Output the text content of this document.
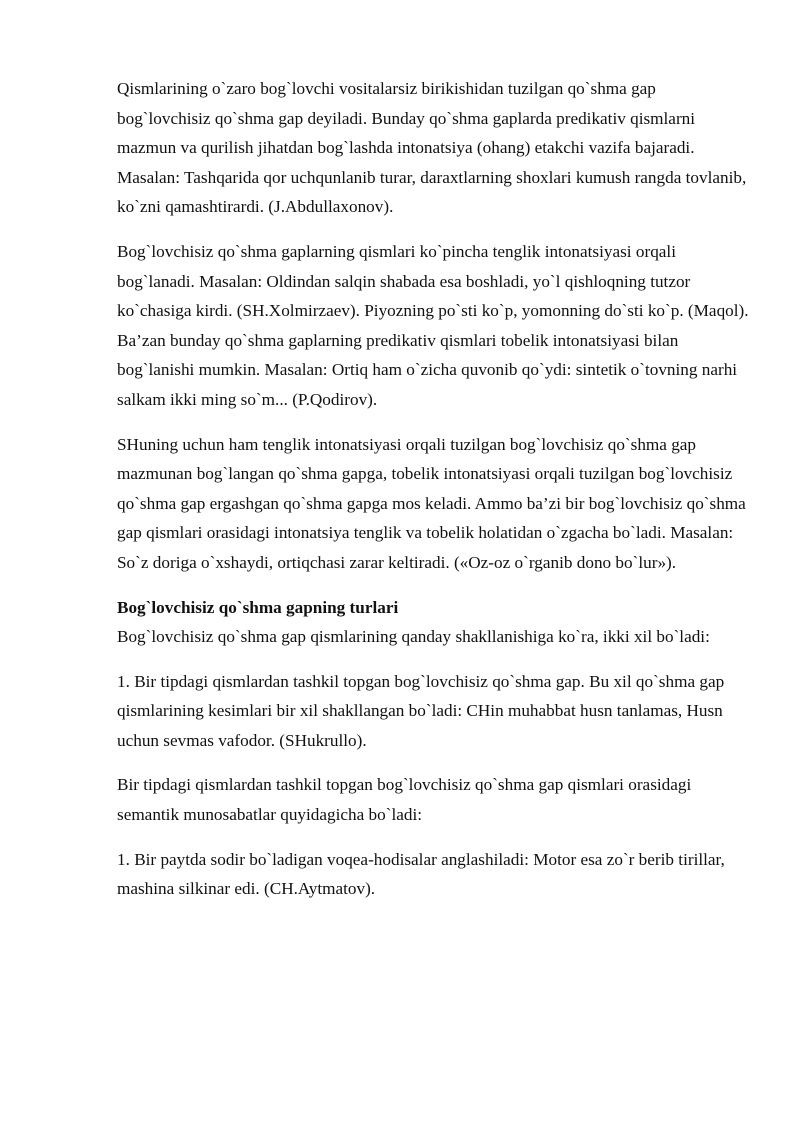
Qismlarining o`zaro bog`lovchi vositalarsiz birikishidan tuzilgan qo`shma gap bog`lovchisiz qo`shma gap deyiladi. Bunday qo`shma gaplarda predikativ qismlarni mazmun va qurilish jihatdan bog`lashda intonatsiya (ohang) etakchi vazifa bajaradi. Masalan: Tashqarida qor uchqunlanib turar, daraxtlarning shoxlari kumush rangda tovlanib, ko`zni qamashtirardi. (J.Abdullaxonov).

Bog`lovchisiz qo`shma gaplarning qismlari ko`pincha tenglik intonatsiyasi orqali bog`lanadi. Masalan: Oldindan salqin shabada esa boshladi, yo`l qishloqning tutzor ko`chasiga kirdi. (SH.Xolmirzaev). Piyozning po`sti ko`p, yomonning do`sti ko`p. (Maqol). Ba’zan bunday qo`shma gaplarning predikativ qismlari tobelik intonatsiyasi bilan bog`lanishi mumkin. Masalan: Ortiq ham o`zicha quvonib qo`ydi: sintetik o`tovning narhi salkam ikki ming so`m... (P.Qodirov).

SHuning uchun ham tenglik intonatsiyasi orqali tuzilgan bog`lovchisiz qo`shma gap mazmunan bog`langan qo`shma gapga, tobelik intonatsiyasi orqali tuzilgan bog`lovchisiz qo`shma gap ergashgan qo`shma gapga mos keladi. Ammo ba’zi bir bog`lovchisiz qo`shma gap qismlari orasidagi intonatsiya tenglik va tobelik holatidan o`zgacha bo`ladi. Masalan: So`z doriga o`xshaydi, ortiqchasi zarar keltiradi. («Oz-oz o`rganib dono bo`lur»).

Bog`lovchisiz qo`shma gapning turlari

Bog`lovchisiz qo`shma gap qismlarining qanday shakllanishiga ko`ra, ikki xil bo`ladi:

1. Bir tipdagi qismlardan tashkil topgan bog`lovchisiz qo`shma gap. Bu xil qo`shma gap qismlarining kesimlari bir xil shakllangan bo`ladi: CHin muhabbat husn tanlamas, Husn uchun sevmas vafodor. (SHukrullo).

Bir tipdagi qismlardan tashkil topgan bog`lovchisiz qo`shma gap qismlari orasidagi semantik munosabatlar quyidagicha bo`ladi:

1. Bir paytda sodir bo`ladigan voqea-hodisalar anglashiladi: Motor esa zo`r berib tirillar, mashina silkinar edi. (CH.Aytmatov).
